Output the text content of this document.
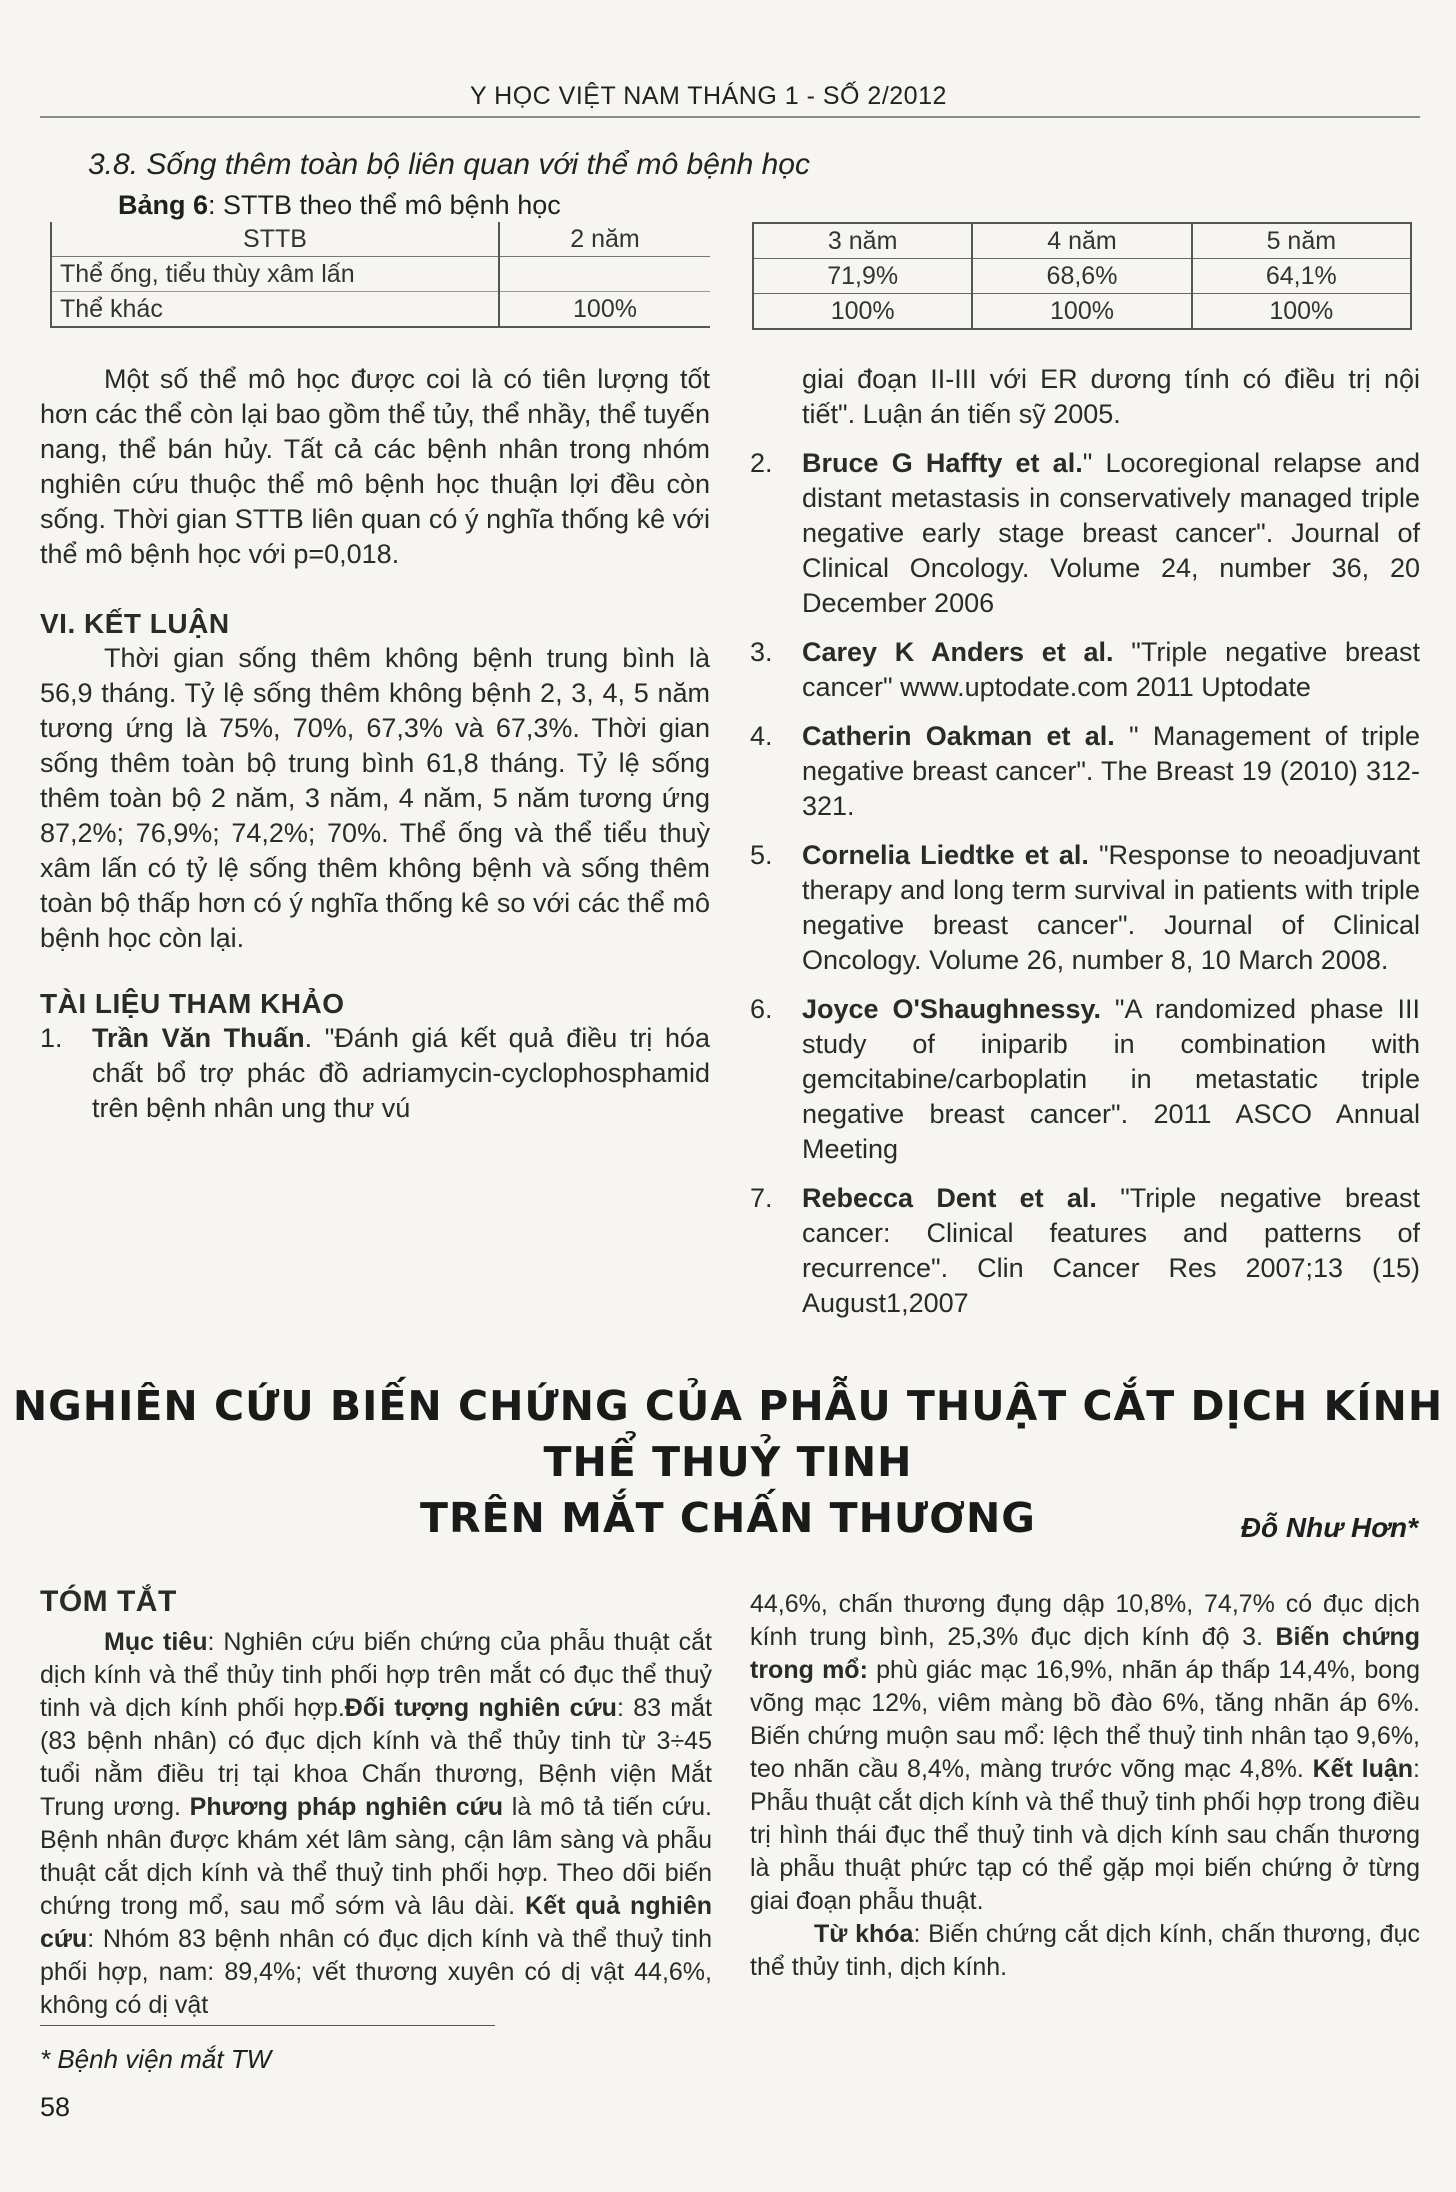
Y HỌC VIỆT NAM THÁNG 1 - SỐ 2/2012
3.8. Sống thêm toàn bộ liên quan với thể mô bệnh học
Bảng 6: STTB theo thể mô bệnh học
STTB	2 năm
Thể ống, tiểu thùy xâm lấn	
Thể khác	100%
3 năm	4 năm	5 năm
71,9%	68,6%	64,1%
100%	100%	100%

Một số thể mô học được coi là có tiên lượng tốt hơn các thể còn lại bao gồm thể tủy, thể nhầy, thể tuyến nang, thể bán hủy. Tất cả các bệnh nhân trong nhóm nghiên cứu thuộc thể mô bệnh học thuận lợi đều còn sống. Thời gian STTB liên quan có ý nghĩa thống kê với thể mô bệnh học với p=0,018.

VI. KẾT LUẬN

Thời gian sống thêm không bệnh trung bình là 56,9 tháng. Tỷ lệ sống thêm không bệnh 2, 3, 4, 5 năm tương ứng là 75%, 70%, 67,3% và 67,3%. Thời gian sống thêm toàn bộ trung bình 61,8 tháng. Tỷ lệ sống thêm toàn bộ 2 năm, 3 năm, 4 năm, 5 năm tương ứng 87,2%; 76,9%; 74,2%; 70%. Thể ống và thể tiểu thuỳ xâm lấn có tỷ lệ sống thêm không bệnh và sống thêm toàn bộ thấp hơn có ý nghĩa thống kê so với các thể mô bệnh học còn lại.

TÀI LIỆU THAM KHẢO
1.	Trần Văn Thuấn. "Đánh giá kết quả điều trị hóa chất bổ trợ phác đồ adriamycin-cyclophosphamid trên bệnh nhân ung thư vú

giai đoạn II-III với ER dương tính có điều trị nội tiết". Luận án tiến sỹ 2005.

2.	Bruce G Haffty et al." Locoregional relapse and distant metastasis in conservatively managed triple negative early stage breast cancer". Journal of Clinical Oncology. Volume 24, number 36, 20 December 2006
3.	Carey K Anders et al. "Triple negative breast cancer" www.uptodate.com 2011 Uptodate
4.	Catherin Oakman et al. " Management of triple negative breast cancer". The Breast 19 (2010) 312-321.
5.	Cornelia Liedtke et al. "Response to neoadjuvant therapy and long term survival in patients with triple negative breast cancer". Journal of Clinical Oncology. Volume 26, number 8, 10 March 2008.
6.	Joyce O'Shaughnessy. "A randomized phase III study of iniparib in combination with gemcitabine/carboplatin in metastatic triple negative breast cancer". 2011 ASCO Annual Meeting
7.	Rebecca Dent et al. "Triple negative breast cancer: Clinical features and patterns of recurrence". Clin Cancer Res 2007;13 (15) August1,2007
NGHIÊN CỨU BIẾN CHỨNG CỦA PHẪU THUẬT CẮT DỊCH KÍNH THỂ THUỶ TINH
TRÊN MẮT CHẤN THƯƠNG	Đỗ Như Hơn*
TÓM TẮT

Mục tiêu: Nghiên cứu biến chứng của phẫu thuật cắt dịch kính và thể thủy tinh phối hợp trên mắt có đục thể thuỷ tinh và dịch kính phối hợp.Đối tượng nghiên cứu: 83 mắt (83 bệnh nhân) có đục dịch kính và thể thủy tinh từ 3÷45 tuổi nằm điều trị tại khoa Chấn thương, Bệnh viện Mắt Trung ương. Phương pháp nghiên cứu là mô tả tiến cứu. Bệnh nhân được khám xét lâm sàng, cận lâm sàng và phẫu thuật cắt dịch kính và thể thuỷ tinh phối hợp. Theo dõi biến chứng trong mổ, sau mổ sớm và lâu dài. Kết quả nghiên cứu: Nhóm 83 bệnh nhân có đục dịch kính và thể thuỷ tinh phối hợp, nam: 89,4%; vết thương xuyên có dị vật 44,6%, không có dị vật

44,6%, chấn thương đụng dập 10,8%, 74,7% có đục dịch kính trung bình, 25,3% đục dịch kính độ 3. Biến chứng trong mổ: phù giác mạc 16,9%, nhãn áp thấp 14,4%, bong võng mạc 12%, viêm màng bồ đào 6%, tăng nhãn áp 6%. Biến chứng muộn sau mổ: lệch thể thuỷ tinh nhân tạo 9,6%, teo nhãn cầu 8,4%, màng trước võng mạc 4,8%. Kết luận: Phẫu thuật cắt dịch kính và thể thuỷ tinh phối hợp trong điều trị hình thái đục thể thuỷ tinh và dịch kính sau chấn thương là phẫu thuật phức tạp có thể gặp mọi biến chứng ở từng giai đoạn phẫu thuật.

Từ khóa: Biến chứng cắt dịch kính, chấn thương, đục thể thủy tinh, dịch kính.

* Bệnh viện mắt TW
58
